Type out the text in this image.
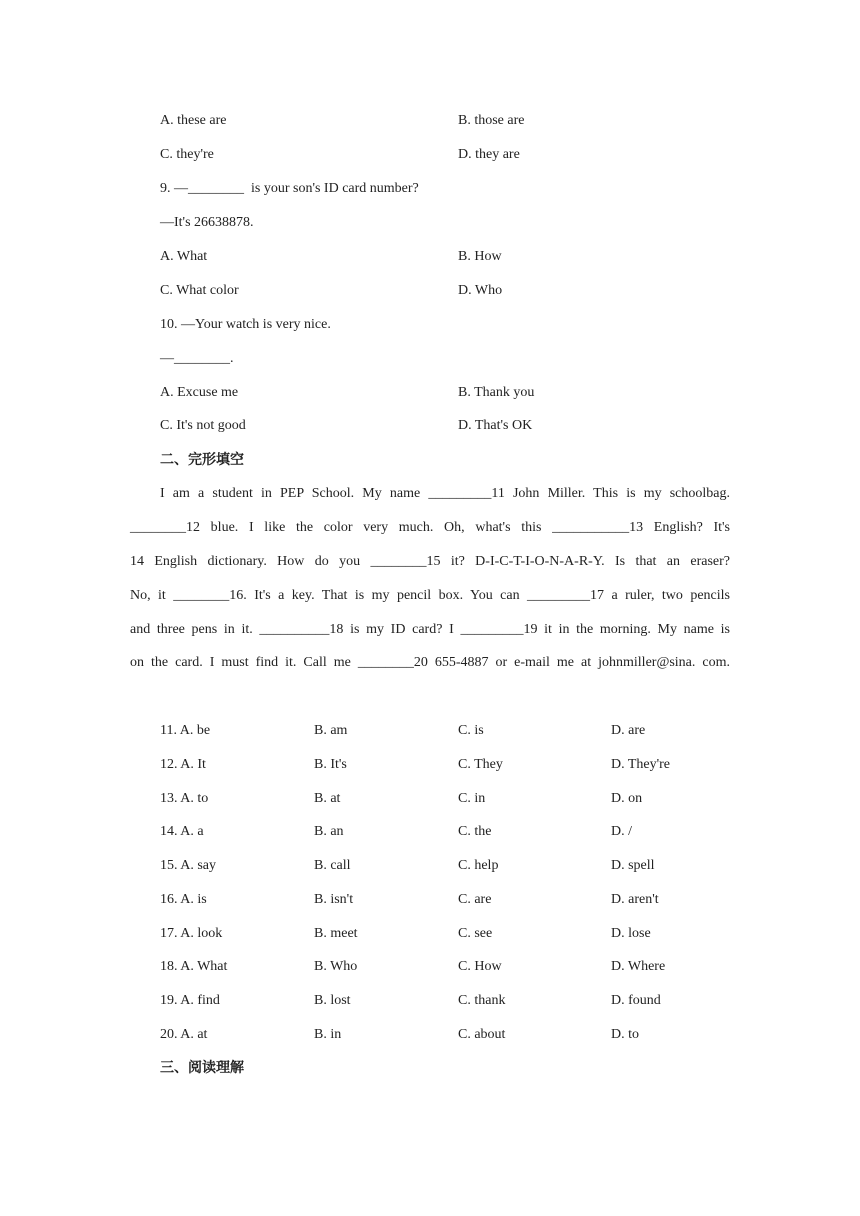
A. these are	B. those are
C. they're	D. they are
9. —________  is your son's ID card number?
—It's 26638878.
A. What	B. How
C. What color	D. Who
10. —Your watch is very nice.
—________.
A. Excuse me	B. Thank you
C. It's not good	D. That's OK
二、完形填空
I am a student in PEP School. My name _________11 John Miller. This is my schoolbag.
________12 blue. I like the color very much. Oh, what's this ___________13 English? It's
14 English dictionary. How do you ________15 it? D-I-C-T-I-O-N-A-R-Y. Is that an eraser?
No, it ________16. It's a key. That is my pencil box. You can _________17 a ruler, two pencils
and three pens in it. __________18 is my ID card? I _________19 it in the morning. My name is
on the card. I must find it. Call me ________20 655-4887 or e-mail me at johnmiller@sina. com.
11. A. be	B. am	C. is	D. are
12. A. It	B. It's	C. They	D. They're
13. A. to	B. at	C. in	D. on
14. A. a	B. an	C. the	D. /
15. A. say	B. call	C. help	D. spell
16. A. is	B. isn't	C. are	D. aren't
17. A. look	B. meet	C. see	D. lose
18. A. What	B. Who	C. How	D. Where
19. A. find	B. lost	C. thank	D. found
20. A. at	B. in	C. about	D. to
三、阅读理解
